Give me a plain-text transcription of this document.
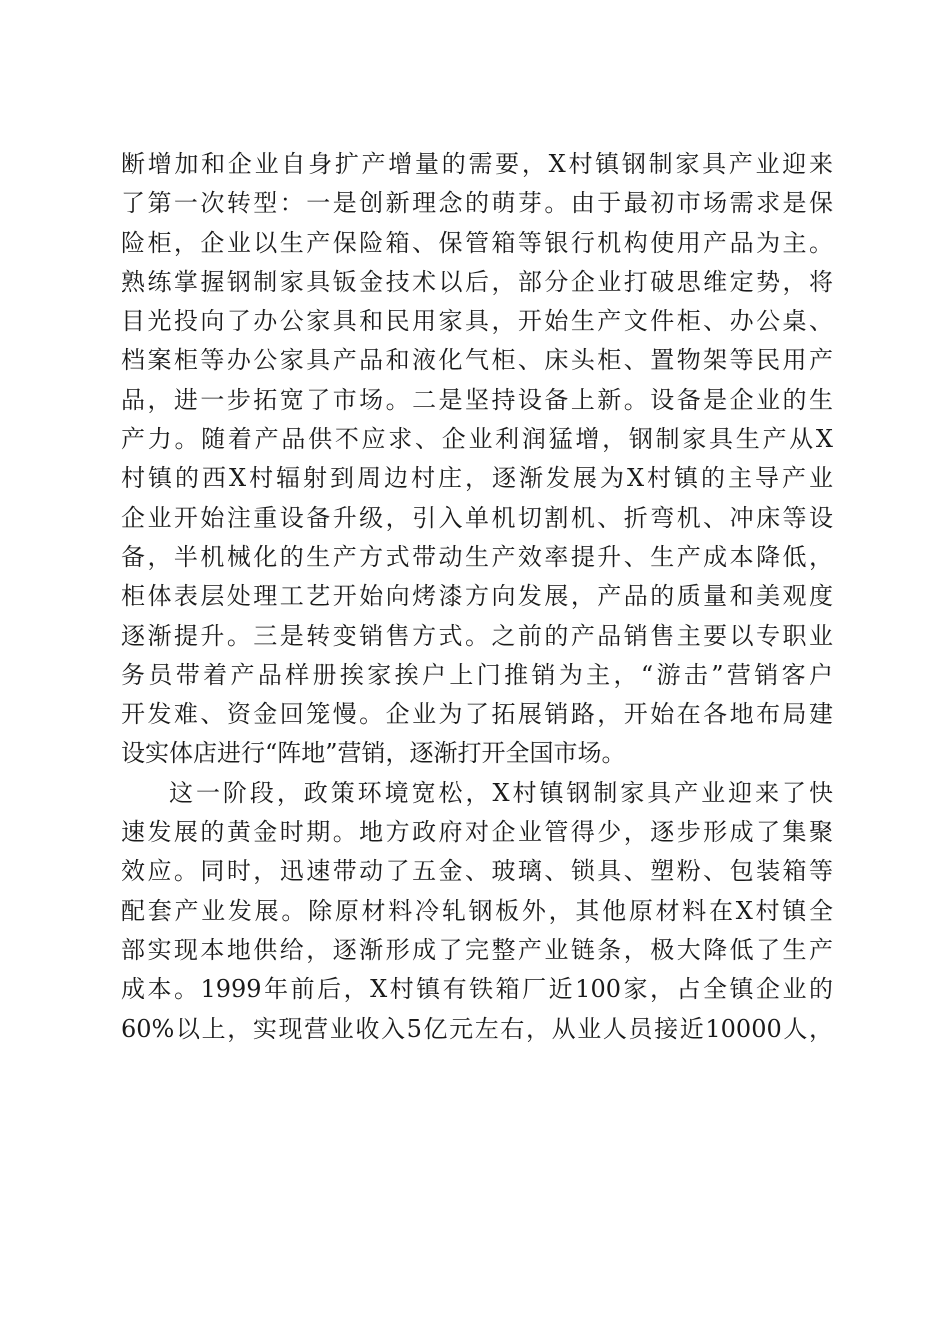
断增加和企业自身扩产增量的需要，X村镇钢制家具产业迎来
了第一次转型：一是创新理念的萌芽。由于最初市场需求是保
险柜，企业以生产保险箱、保管箱等银行机构使用产品为主。
熟练掌握钢制家具钣金技术以后，部分企业打破思维定势，将
目光投向了办公家具和民用家具，开始生产文件柜、办公桌、
档案柜等办公家具产品和液化气柜、床头柜、置物架等民用产
品，进一步拓宽了市场。二是坚持设备上新。设备是企业的生
产力。随着产品供不应求、企业利润猛增，钢制家具生产从X
村镇的西X村辐射到周边村庄，逐渐发展为X村镇的主导产业
企业开始注重设备升级，引入单机切割机、折弯机、冲床等设
备，半机械化的生产方式带动生产效率提升、生产成本降低，
柜体表层处理工艺开始向烤漆方向发展，产品的质量和美观度
逐渐提升。三是转变销售方式。之前的产品销售主要以专职业
务员带着产品样册挨家挨户上门推销为主，“游击”营销客户
开发难、资金回笼慢。企业为了拓展销路，开始在各地布局建
设实体店进行“阵地”营销，逐渐打开全国市场。
这一阶段，政策环境宽松，X村镇钢制家具产业迎来了快
速发展的黄金时期。地方政府对企业管得少，逐步形成了集聚
效应。同时，迅速带动了五金、玻璃、锁具、塑粉、包装箱等
配套产业发展。除原材料冷轧钢板外，其他原材料在X村镇全
部实现本地供给，逐渐形成了完整产业链条，极大降低了生产
成本。1999年前后，X村镇有铁箱厂近100家，占全镇企业的
60%以上，实现营业收入5亿元左右，从业人员接近10000人，
